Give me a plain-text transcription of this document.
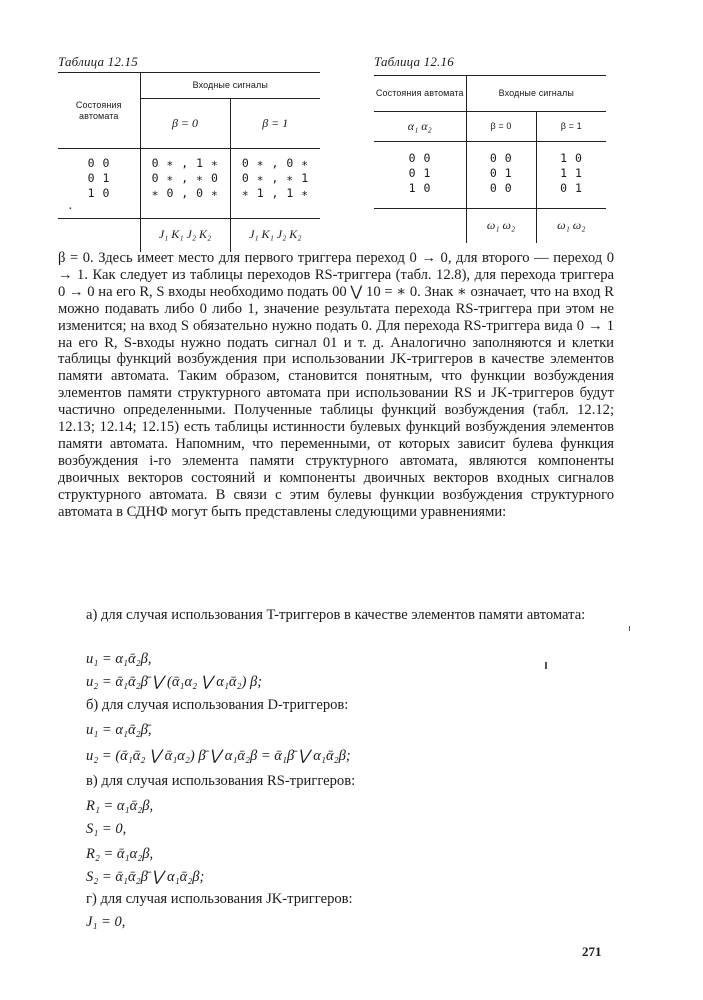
Таблица 12.15	Таблица 12.16
Состояния автомата	Входные сигналы	
	β = 0	β = 1

0 0	0 ∗ , 1 ∗	0 ∗ , 0 ∗
0 1	0 ∗ , ∗ 0	0 ∗ , ∗ 1
1 0	∗ 0 , 0 ∗	∗ 1 , 1 ∗
·		
	J₁ K₁ J₂ K₂	J₁ K₁ J₂ K₂
Состояния автомата	Входные сигналы	
α₁ α₂	β = 0	β = 1

0 0	0 0	1 0
0 1	0 1	1 1
1 0	0 0	0 1

	ω₁ ω₂	ω₁ ω₂

β = 0. Здесь имеет место для первого триггера переход 0 → 0, для второго — переход 0 → 1. Как следует из таблицы переходов RS-триггера (табл. 12.8), для перехода триггера 0 → 0 на его R, S входы необходимо подать 00 ⋁ 10 = ∗ 0. Знак ∗ означает, что на вход R можно подавать либо 0 либо 1, значение результата перехода RS-триггера при этом не изменится; на вход S обязательно нужно подать 0. Для перехода RS-триггера вида 0 → 1 на его R, S-входы нужно подать сигнал 01 и т. д. Аналогично заполняются и клетки таблицы функций возбуждения при использовании JK-триггеров в качестве элементов памяти автомата. Таким образом, становится понятным, что функции возбуждения элементов памяти структурного автомата при использовании RS и JK-триггеров будут частично определенными. Полученные таблицы функций возбуждения (табл. 12.12; 12.13; 12.14; 12.15) есть таблицы истинности булевых функций возбуждения элементов памяти автомата. Напомним, что переменными, от которых зависит булева функция возбуждения i-го элемента памяти структурного автомата, являются компоненты двоичных векторов состояний и компоненты двоичных векторов входных сигналов структурного автомата. В связи с этим булевы функции возбуждения структурного автомата в СДНФ могут быть представлены следующими уравнениями:

а) для случая использования T-триггеров в качестве элементов памяти автомата:
u₁ = α₁ᾱ₂β,
u₂ = ᾱ₁ᾱ₂β̄ ⋁ (ᾱ₁α₂ ⋁ α₁ᾱ₂) β;
б) для случая использования D-триггеров:
u₁ = α₁ᾱ₂β̄,
u₂ = (ᾱ₁ᾱ₂ ⋁ ᾱ₁α₂) β̄ ⋁ α₁ᾱ₂β = ᾱ₁β̄ ⋁ α₁ᾱ₂β;
в) для случая использования RS-триггеров:
R₁ = α₁ᾱ₂β,
S₁ = 0,
R₂ = ᾱ₁α₂β,
S₂ = ᾱ₁ᾱ₂β̄ ⋁ α₁ᾱ₂β;
г) для случая использования JK-триггеров:
J₁ = 0,
271
